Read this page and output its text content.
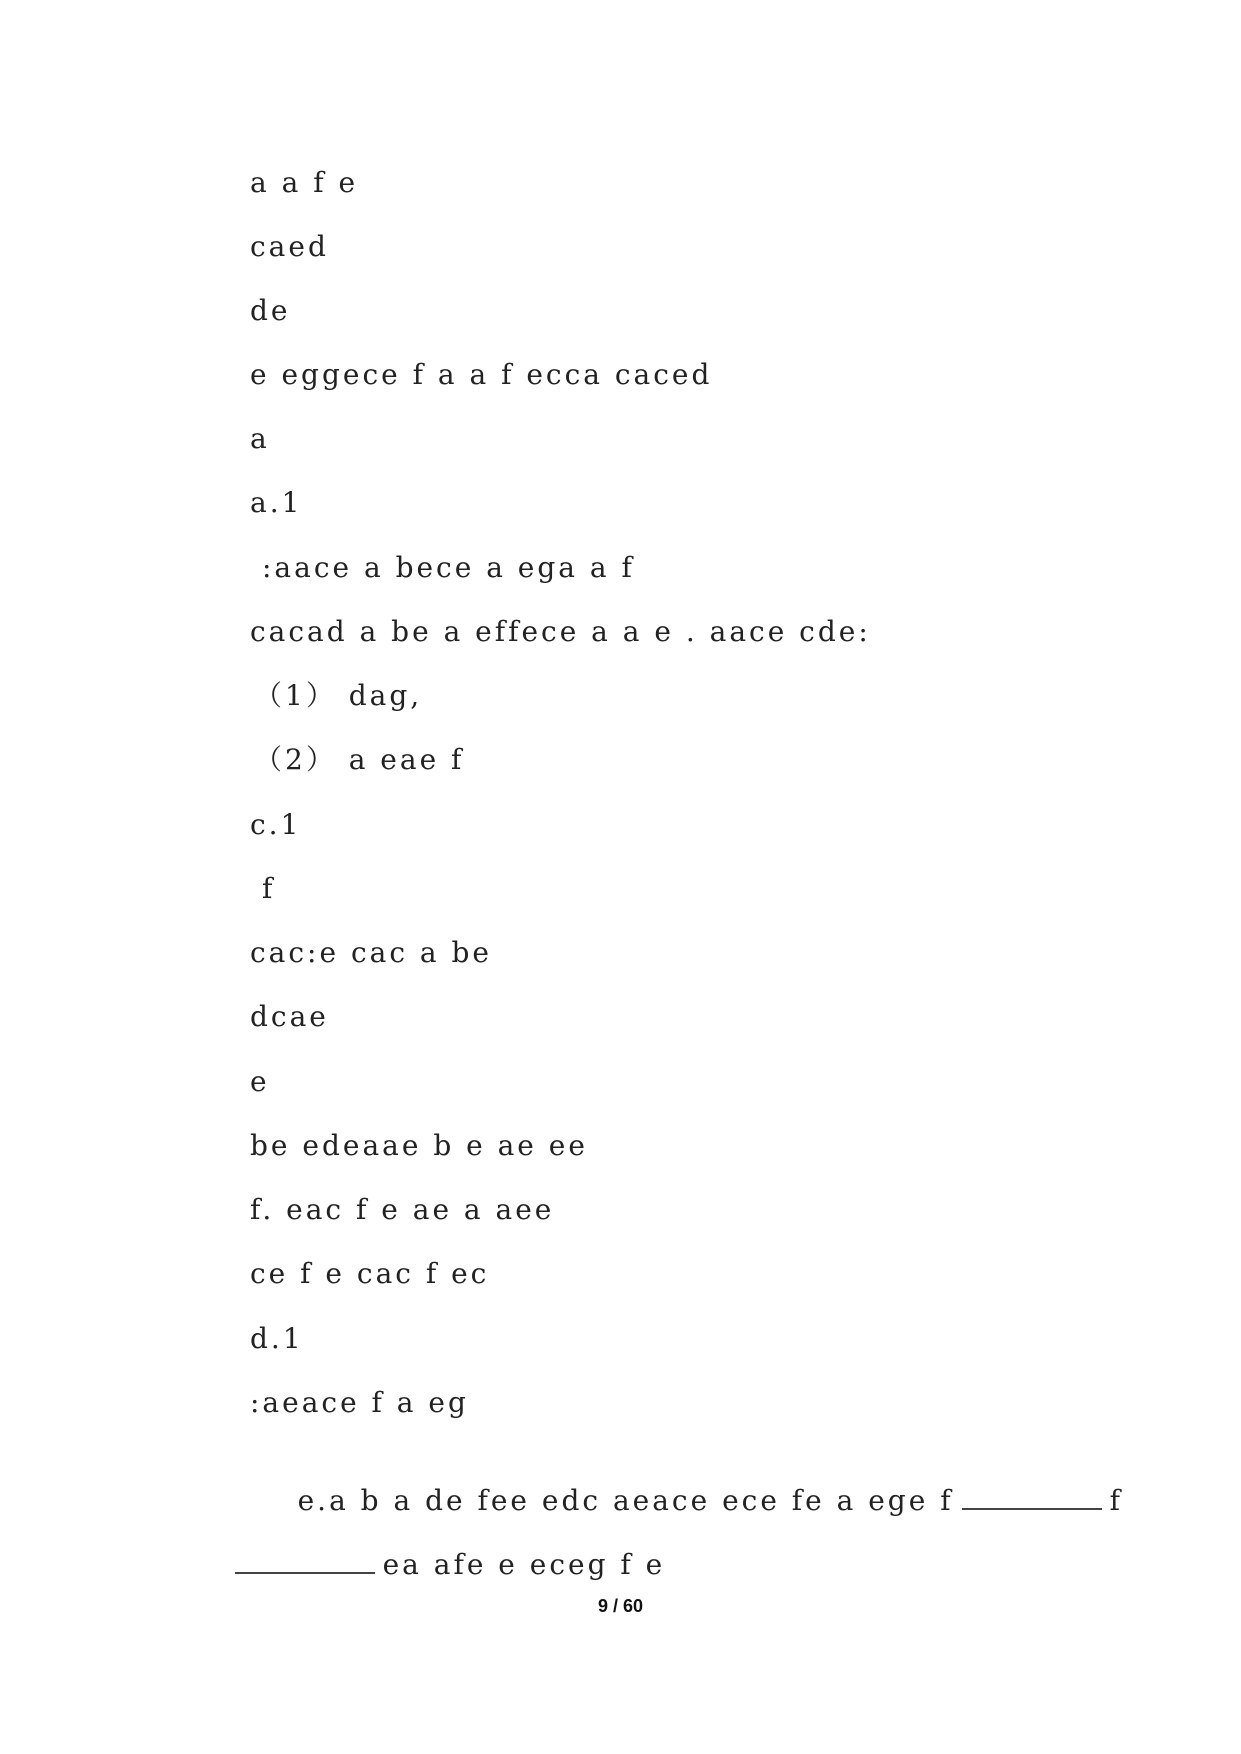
a a f e
caed
de
e eggece f a a f ecca caced
a
a.1
:aace a bece a ega a f
cacad a be a effece a a e . aace cde:
（1） dag,
（2） a eae f
c.1
f
cac:e cac a be
dcae
e
be edeaae b e ae ee
f. eac f e ae a aee
ce f e cac f ec
d.1
:aeace f a eg

e.a b a de fee edc aeace ece fe a ege f	f

ea afe e eceg f e

9 / 60
